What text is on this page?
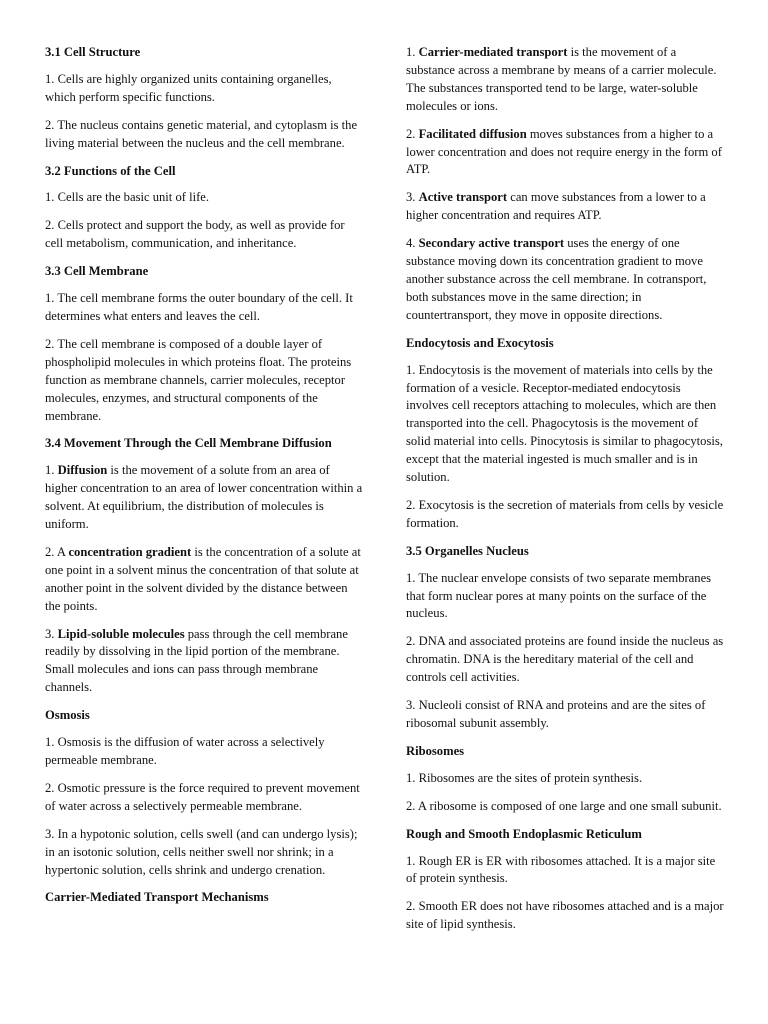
3.1 Cell Structure

1. Cells are highly organized units containing organelles, which perform specific functions.

2. The nucleus contains genetic material, and cytoplasm is the living material between the nucleus and the cell membrane.

3.2 Functions of the Cell

1. Cells are the basic unit of life.

2. Cells protect and support the body, as well as provide for cell metabolism, communication, and inheritance.

3.3 Cell Membrane

1. The cell membrane forms the outer boundary of the cell. It determines what enters and leaves the cell.

2. The cell membrane is composed of a double layer of phospholipid molecules in which proteins float. The proteins function as membrane channels, carrier molecules, receptor molecules, enzymes, and structural components of the membrane.

3.4 Movement Through the Cell Membrane Diffusion

1. Diffusion is the movement of a solute from an area of higher concentration to an area of lower concentration within a solvent. At equilibrium, the distribution of molecules is uniform.

2. A concentration gradient is the concentration of a solute at one point in a solvent minus the concentration of that solute at another point in the solvent divided by the distance between the points.

3. Lipid-soluble molecules pass through the cell membrane readily by dissolving in the lipid portion of the membrane. Small molecules and ions can pass through membrane channels.

Osmosis

1. Osmosis is the diffusion of water across a selectively permeable membrane.

2. Osmotic pressure is the force required to prevent movement of water across a selectively permeable membrane.

3. In a hypotonic solution, cells swell (and can undergo lysis); in an isotonic solution, cells neither swell nor shrink; in a hypertonic solution, cells shrink and undergo crenation.

Carrier-Mediated Transport Mechanisms

1. Carrier-mediated transport is the movement of a substance across a membrane by means of a carrier molecule. The substances transported tend to be large, water-soluble molecules or ions.

2. Facilitated diffusion moves substances from a higher to a lower concentration and does not require energy in the form of ATP.

3. Active transport can move substances from a lower to a higher concentration and requires ATP.

4. Secondary active transport uses the energy of one substance moving down its concentration gradient to move another substance across the cell membrane. In cotransport, both substances move in the same direction; in countertransport, they move in opposite directions.

Endocytosis and Exocytosis

1. Endocytosis is the movement of materials into cells by the formation of a vesicle. Receptor-mediated endocytosis involves cell receptors attaching to molecules, which are then transported into the cell. Phagocytosis is the movement of solid material into cells. Pinocytosis is similar to phagocytosis, except that the material ingested is much smaller and is in solution.

2. Exocytosis is the secretion of materials from cells by vesicle formation.

3.5 Organelles Nucleus

1. The nuclear envelope consists of two separate membranes that form nuclear pores at many points on the surface of the nucleus.

2. DNA and associated proteins are found inside the nucleus as chromatin. DNA is the hereditary material of the cell and controls cell activities.

3. Nucleoli consist of RNA and proteins and are the sites of ribosomal subunit assembly.

Ribosomes

1. Ribosomes are the sites of protein synthesis.

2. A ribosome is composed of one large and one small subunit.

Rough and Smooth Endoplasmic Reticulum

1. Rough ER is ER with ribosomes attached. It is a major site of protein synthesis.

2. Smooth ER does not have ribosomes attached and is a major site of lipid synthesis.
